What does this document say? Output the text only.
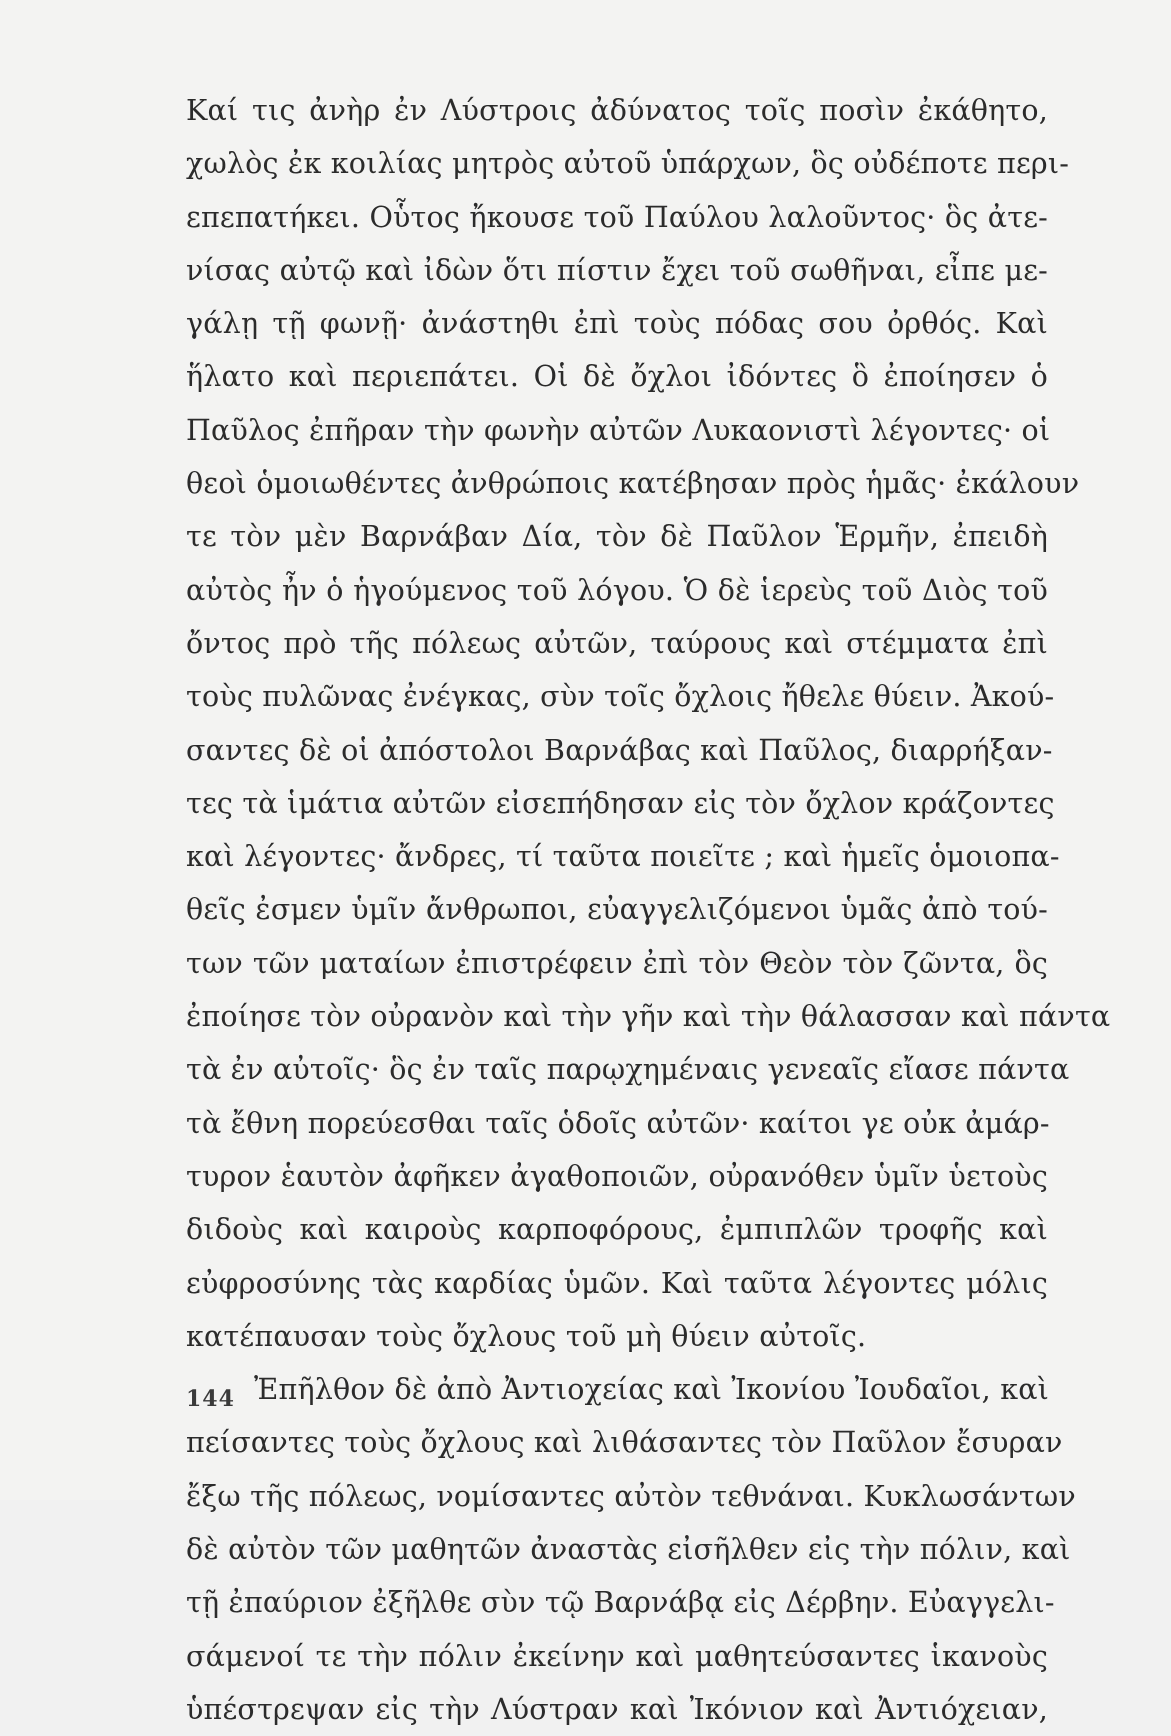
Καί τις ἀνὴρ ἐν Λύστροις ἀδύνατος τοῖς ποσὶν ἐκάθητο,
χωλὸς ἐκ κοιλίας μητρὸς αὐτοῦ ὑπάρχων, ὃς οὐδέποτε περι-
επεπατήκει. Οὗτος ἤκουσε τοῦ Παύλου λαλοῦντος· ὃς ἀτε-
νίσας αὐτῷ καὶ ἰδὼν ὅτι πίστιν ἔχει τοῦ σωθῆναι, εἶπε με-
γάλῃ τῇ φωνῇ· ἀνάστηθι ἐπὶ τοὺς πόδας σου ὀρθός. Καὶ
ἥλατο καὶ περιεπάτει. Οἱ δὲ ὄχλοι ἰδόντες ὃ ἐποίησεν ὁ
Παῦλος ἐπῆραν τὴν φωνὴν αὐτῶν Λυκαονιστὶ λέγοντες· οἱ
θεοὶ ὁμοιωθέντες ἀνθρώποις κατέβησαν πρὸς ἡμᾶς· ἐκάλουν
τε τὸν μὲν Βαρνάβαν Δία, τὸν δὲ Παῦλον Ἑρμῆν, ἐπειδὴ
αὐτὸς ἦν ὁ ἡγούμενος τοῦ λόγου. Ὁ δὲ ἱερεὺς τοῦ Διὸς τοῦ
ὄντος πρὸ τῆς πόλεως αὐτῶν, ταύρους καὶ στέμματα ἐπὶ
τοὺς πυλῶνας ἐνέγκας, σὺν τοῖς ὄχλοις ἤθελε θύειν. Ἀκού-
σαντες δὲ οἱ ἀπόστολοι Βαρνάβας καὶ Παῦλος, διαρρήξαν-
τες τὰ ἱμάτια αὐτῶν εἰσεπήδησαν εἰς τὸν ὄχλον κράζοντες
καὶ λέγοντες· ἄνδρες, τί ταῦτα ποιεῖτε ; καὶ ἡμεῖς ὁμοιοπα-
θεῖς ἐσμεν ὑμῖν ἄνθρωποι, εὐαγγελιζόμενοι ὑμᾶς ἀπὸ τού-
των τῶν ματαίων ἐπιστρέφειν ἐπὶ τὸν Θεὸν τὸν ζῶντα, ὃς
ἐποίησε τὸν οὐρανὸν καὶ τὴν γῆν καὶ τὴν θάλασσαν καὶ πάντα
τὰ ἐν αὐτοῖς· ὃς ἐν ταῖς παρῳχημέναις γενεαῖς εἴασε πάντα
τὰ ἔθνη πορεύεσθαι ταῖς ὁδοῖς αὐτῶν· καίτοι γε οὐκ ἀμάρ-
τυρον ἑαυτὸν ἀφῆκεν ἀγαθοποιῶν, οὐρανόθεν ὑμῖν ὑετοὺς
διδοὺς καὶ καιροὺς καρποφόρους, ἐμπιπλῶν τροφῆς καὶ
εὐφροσύνης τὰς καρδίας ὑμῶν. Καὶ ταῦτα λέγοντες μόλις
κατέπαυσαν τοὺς ὄχλους τοῦ μὴ θύειν αὐτοῖς.
Ἐπῆλθον δὲ ἀπὸ Ἀντιοχείας καὶ Ἰκονίου Ἰουδαῖοι, καὶ
πείσαντες τοὺς ὄχλους καὶ λιθάσαντες τὸν Παῦλον ἔσυραν
ἔξω τῆς πόλεως, νομίσαντες αὐτὸν τεθνάναι. Κυκλωσάντων
δὲ αὐτὸν τῶν μαθητῶν ἀναστὰς εἰσῆλθεν εἰς τὴν πόλιν, καὶ
τῇ ἐπαύριον ἐξῆλθε σὺν τῷ Βαρνάβᾳ εἰς Δέρβην. Εὐαγγελι-
σάμενοί τε τὴν πόλιν ἐκείνην καὶ μαθητεύσαντες ἱκανοὺς
ὑπέστρεψαν εἰς τὴν Λύστραν καὶ Ἰκόνιον καὶ Ἀντιόχειαν,
144
